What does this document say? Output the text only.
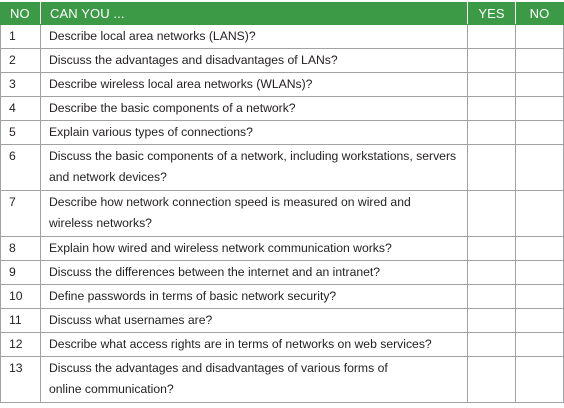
NO	CAN YOU ...	YES	NO
1	Describe local area networks (LANS)?		

2	Discuss the advantages and disadvantages of LANs?		

3	Describe wireless local area networks (WLANs)?		

4	Describe the basic components of a network?		

5	Explain various types of connections?		

6	Discuss the basic components of a network, including workstations, servers
and network devices?		

7	Describe how network connection speed is measured on wired and
wireless networks?		

8	Explain how wired and wireless network communication works?		

9	Discuss the differences between the internet and an intranet?		

10	Define passwords in terms of basic network security?		

11	Discuss what usernames are?		

12	Describe what access rights are in terms of networks on web services?		

13	Discuss the advantages and disadvantages of various forms of
online communication?		
